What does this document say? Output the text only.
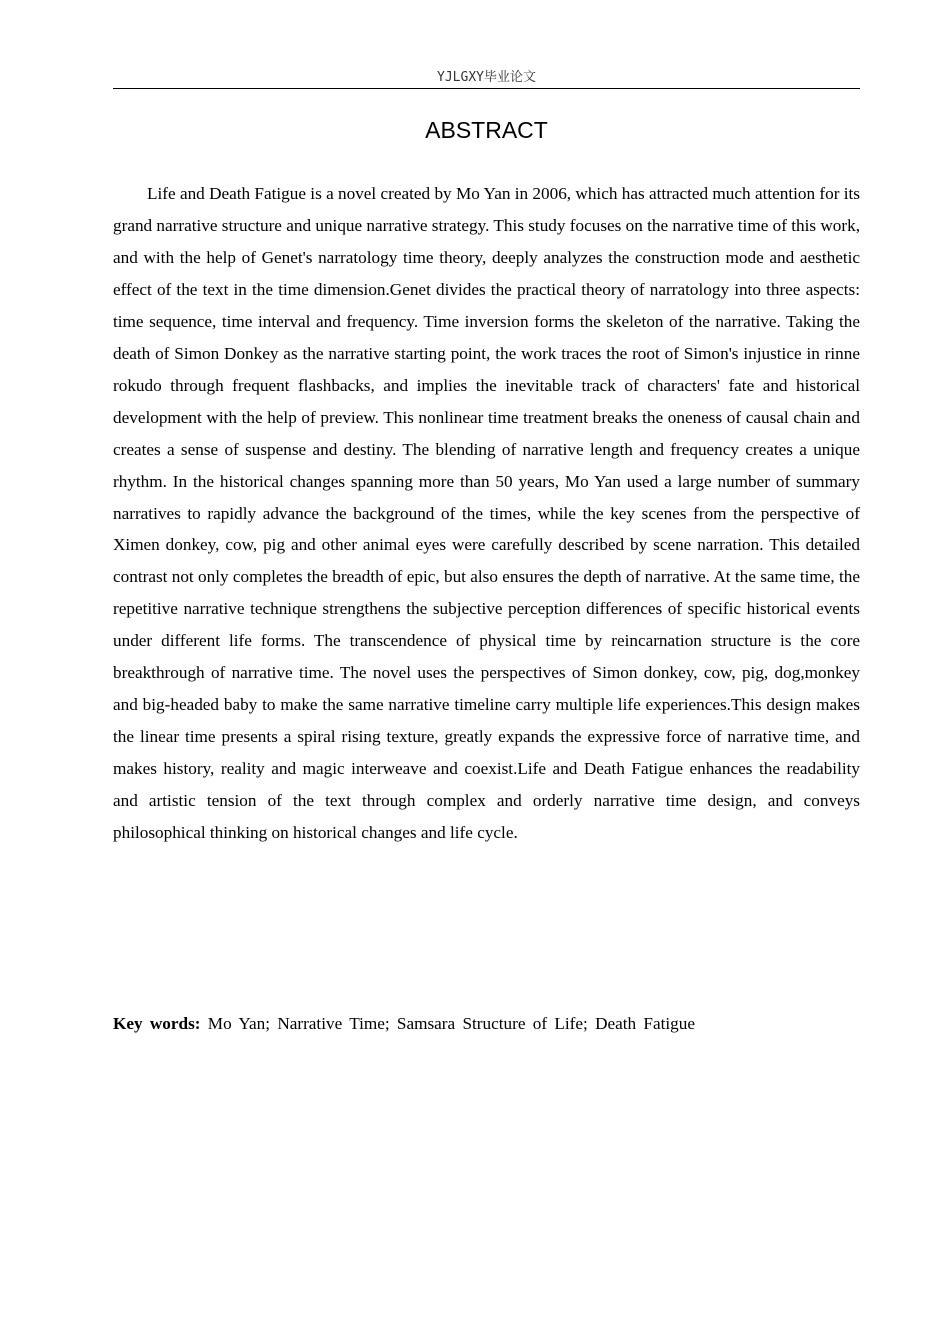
YJLGXY毕业论文
ABSTRACT

Life and Death Fatigue is a novel created by Mo Yan in 2006, which has attracted much attention for its grand narrative structure and unique narrative strategy. This study focuses on the narrative time of this work, and with the help of Genet's narratology time theory, deeply analyzes the construction mode and aesthetic effect of the text in the time dimension.Genet divides the practical theory of narratology into three aspects: time sequence, time interval and frequency. Time inversion forms the skeleton of the narrative. Taking the death of Simon Donkey as the narrative starting point, the work traces the root of Simon's injustice in rinne rokudo through frequent flashbacks, and implies the inevitable track of characters' fate and historical development with the help of preview. This nonlinear time treatment breaks the oneness of causal chain and creates a sense of suspense and destiny. The blending of narrative length and frequency creates a unique rhythm. In the historical changes spanning more than 50 years, Mo Yan used a large number of summary narratives to rapidly advance the background of the times, while the key scenes from the perspective of Ximen donkey, cow, pig and other animal eyes were carefully described by scene narration. This detailed contrast not only completes the breadth of epic, but also ensures the depth of narrative. At the same time, the repetitive narrative technique strengthens the subjective perception differences of specific historical events under different life forms. The transcendence of physical time by reincarnation structure is the core breakthrough of narrative time. The novel uses the perspectives of Simon donkey, cow, pig, dog,monkey and big-headed baby to make the same narrative timeline carry multiple life experiences.This design makes the linear time presents a spiral rising texture, greatly expands the expressive force of narrative time, and makes history, reality and magic interweave and coexist.Life and Death Fatigue enhances the readability and artistic tension of the text through complex and orderly narrative time design, and conveys philosophical thinking on historical changes and life cycle.

Key words: Mo Yan; Narrative Time; Samsara Structure of Life; Death Fatigue
